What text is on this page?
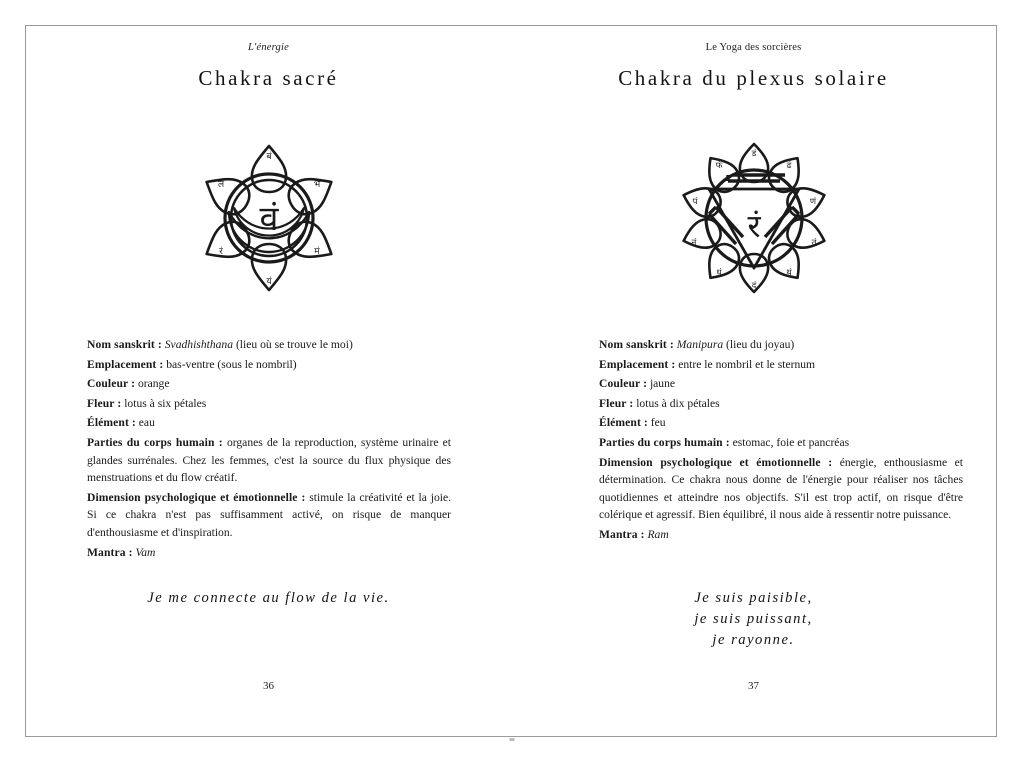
L'énergie
Chakra sacré
वं
बं
भं
मं
यं
रं
लं

Nom sanskrit : Svadhishthana (lieu où se trouve le moi)

Emplacement : bas-ventre (sous le nombril)

Couleur : orange

Fleur : lotus à six pétales

Élément : eau

Parties du corps humain : organes de la reproduction, système urinaire et glandes surrénales. Chez les femmes, c'est la source du flux physique des menstruations et du flow créatif.

Dimension psychologique et émotionnelle : stimule la créativité et la joie. Si ce chakra n'est pas suffisamment activé, on risque de manquer d'enthousiasme et d'inspiration.

Mantra : Vam

Je me connecte au flow de la vie.
36
Le Yoga des sorcières
Chakra du plexus solaire
रं
डं
ढं
णं
तं
थं
दं
धं
नं
पं
फं

Nom sanskrit : Manipura (lieu du joyau)

Emplacement : entre le nombril et le sternum

Couleur : jaune

Fleur : lotus à dix pétales

Élément : feu

Parties du corps humain : estomac, foie et pancréas

Dimension psychologique et émotionnelle : énergie, enthousiasme et détermination. Ce chakra nous donne de l'énergie pour réaliser nos tâches quotidiennes et atteindre nos objectifs. S'il est trop actif, on risque d'être colérique et agressif. Bien équilibré, il nous aide à ressentir notre puissance.

Mantra : Ram

Je suis paisible,
je suis puissant,
je rayonne.
37
